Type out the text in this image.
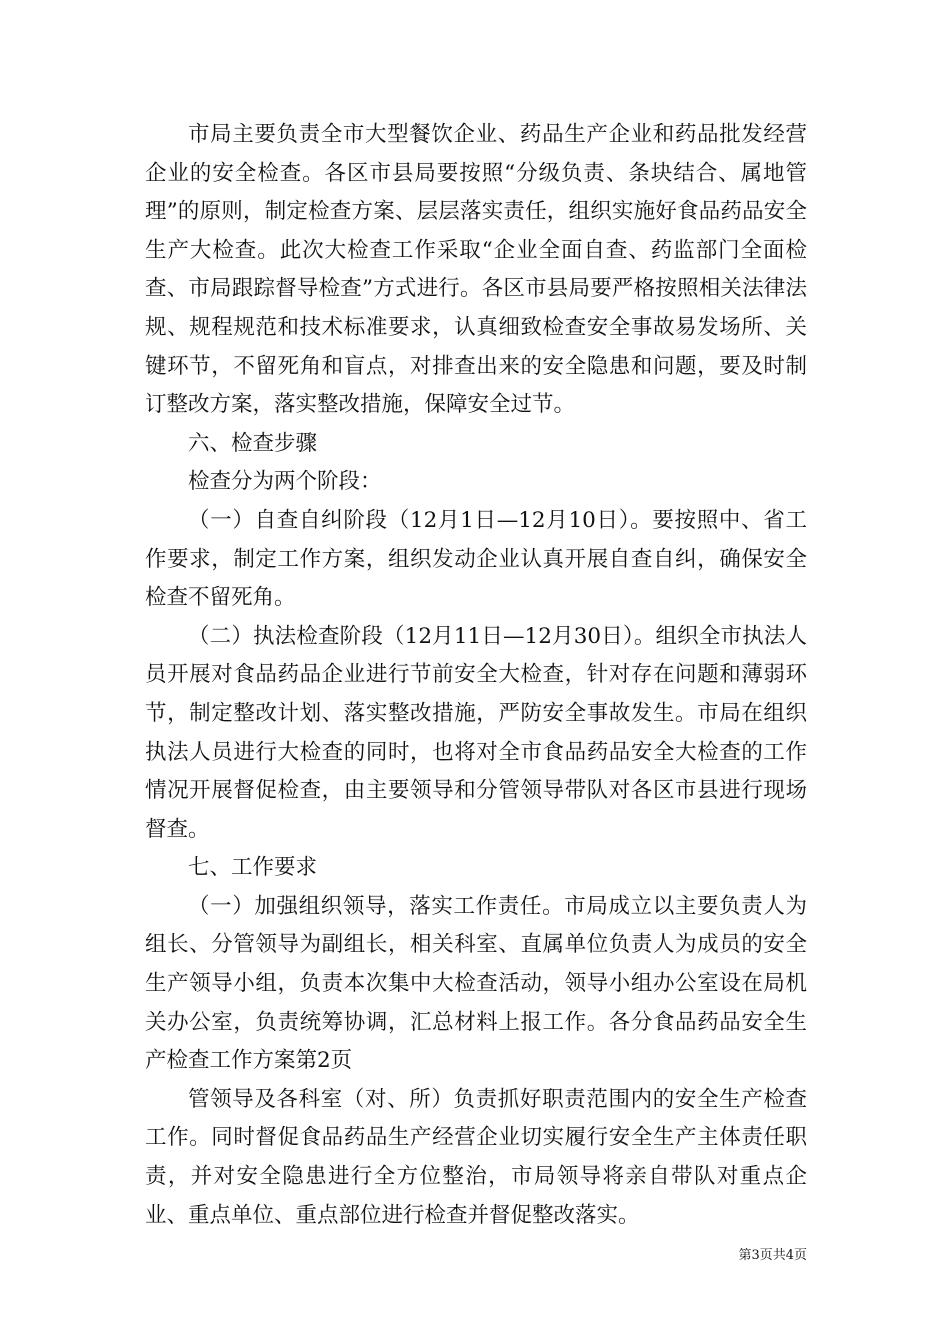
市局主要负责全市大型餐饮企业、药品生产企业和药品批发经营企业的安全检查。各区市县局要按照“分级负责、条块结合、属地管理”的原则，制定检查方案、层层落实责任，组织实施好食品药品安全生产大检查。此次大检查工作采取“企业全面自查、药监部门全面检查、市局跟踪督导检查”方式进行。各区市县局要严格按照相关法律法规、规程规范和技术标准要求，认真细致检查安全事故易发场所、关键环节，不留死角和盲点，对排查出来的安全隐患和问题，要及时制订整改方案，落实整改措施，保障安全过节。

六、检查步骤

检查分为两个阶段：

（一）自查自纠阶段（12月1日—12月10日）。要按照中、省工作要求，制定工作方案，组织发动企业认真开展自查自纠，确保安全检查不留死角。

（二）执法检查阶段（12月11日—12月30日）。组织全市执法人员开展对食品药品企业进行节前安全大检查，针对存在问题和薄弱环节，制定整改计划、落实整改措施，严防安全事故发生。市局在组织执法人员进行大检查的同时，也将对全市食品药品安全大检查的工作情况开展督促检查，由主要领导和分管领导带队对各区市县进行现场督查。

七、工作要求

（一）加强组织领导，落实工作责任。市局成立以主要负责人为组长、分管领导为副组长，相关科室、直属单位负责人为成员的安全生产领导小组，负责本次集中大检查活动，领导小组办公室设在局机关办公室，负责统筹协调，汇总材料上报工作。各分食品药品安全生产检查工作方案第2页

管领导及各科室（对、所）负责抓好职责范围内的安全生产检查工作。同时督促食品药品生产经营企业切实履行安全生产主体责任职责，并对安全隐患进行全方位整治，市局领导将亲自带队对重点企业、重点单位、重点部位进行检查并督促整改落实。

第3页共4页
